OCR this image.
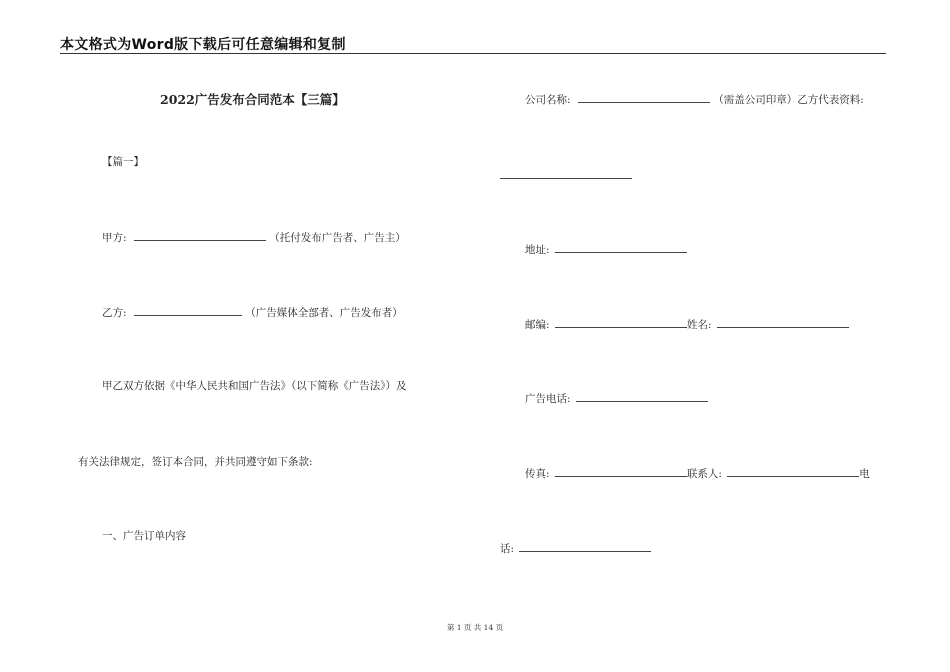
本文格式为Word版下载后可任意编辑和复制
2022广告发布合同范本【三篇】
【篇一】
甲方:	（托付发布广告者、广告主）
乙方:	（广告媒体全部者、广告发布者）
甲乙双方依据《中华人民共和国广告法》（以下简称《广告法》）及
有关法律规定，签订本合同，并共同遵守如下条款:
一、广告订单内容
公司名称:	（需盖公司印章）乙方代表资料:
地址:
邮编:	姓名:
广告电话:
传真:	联系人:	电
话:
第 1 页 共 14 页
